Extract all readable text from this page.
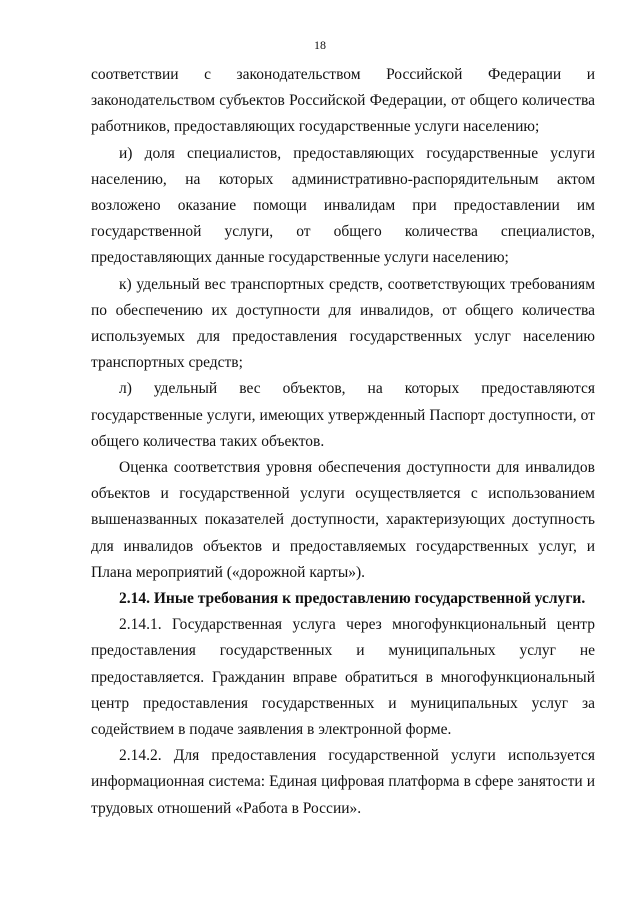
18

соответствии с законодательством Российской Федерации и законодательством субъектов Российской Федерации, от общего количества работников, предоставляющих государственные услуги населению;

и) доля специалистов, предоставляющих государственные услуги населению, на которых административно-распорядительным актом возложено оказание помощи инвалидам при предоставлении им государственной услуги, от общего количества специалистов, предоставляющих данные государственные услуги населению;

к) удельный вес транспортных средств, соответствующих требованиям по обеспечению их доступности для инвалидов, от общего количества используемых для предоставления государственных услуг населению транспортных средств;

л) удельный вес объектов, на которых предоставляются государственные услуги, имеющих утвержденный Паспорт доступности, от общего количества таких объектов.

Оценка соответствия уровня обеспечения доступности для инвалидов объектов и государственной услуги осуществляется с использованием вышеназванных показателей доступности, характеризующих доступность для инвалидов объектов и предоставляемых государственных услуг, и Плана мероприятий («дорожной карты»).

2.14. Иные требования к предоставлению государственной услуги.

2.14.1. Государственная услуга через многофункциональный центр предоставления государственных и муниципальных услуг не предоставляется. Гражданин вправе обратиться в многофункциональный центр предоставления государственных и муниципальных услуг за содействием в подаче заявления в электронной форме.

2.14.2. Для предоставления государственной услуги используется информационная система: Единая цифровая платформа в сфере занятости и трудовых отношений «Работа в России».
